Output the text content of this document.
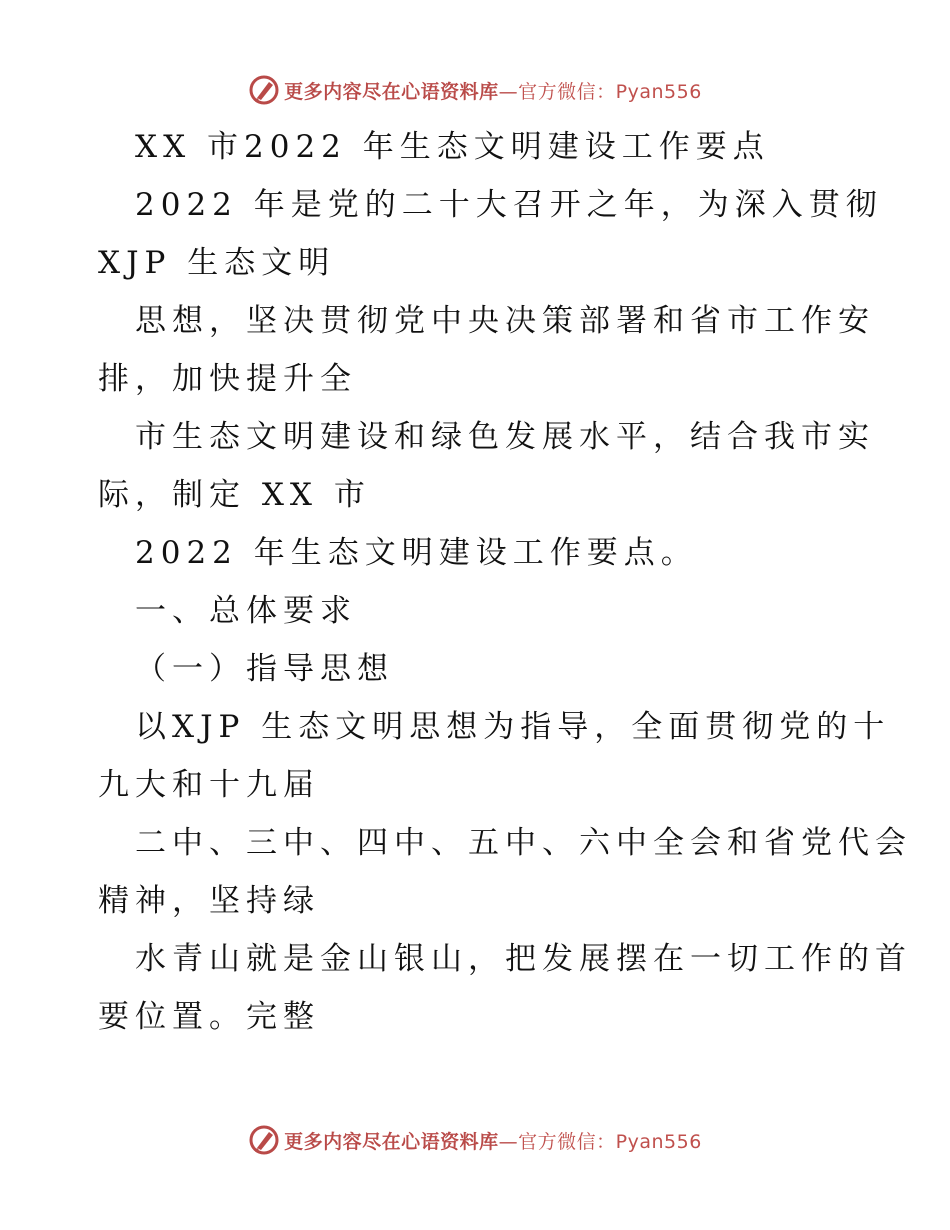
更多内容尽在心语资料库—官方微信：Pyan556
XX 市2022 年生态文明建设工作要点
2022 年是党的二十大召开之年，为深入贯彻
XJP 生态文明
思想，坚决贯彻党中央决策部署和省市工作安
排，加快提升全
市生态文明建设和绿色发展水平，结合我市实
际，制定 XX 市
2022 年生态文明建设工作要点。
一、总体要求
（一）指导思想
以XJP 生态文明思想为指导，全面贯彻党的十
九大和十九届
二中、三中、四中、五中、六中全会和省党代会
精神，坚持绿
水青山就是金山银山，把发展摆在一切工作的首
要位置。完整
更多内容尽在心语资料库—官方微信：Pyan556
